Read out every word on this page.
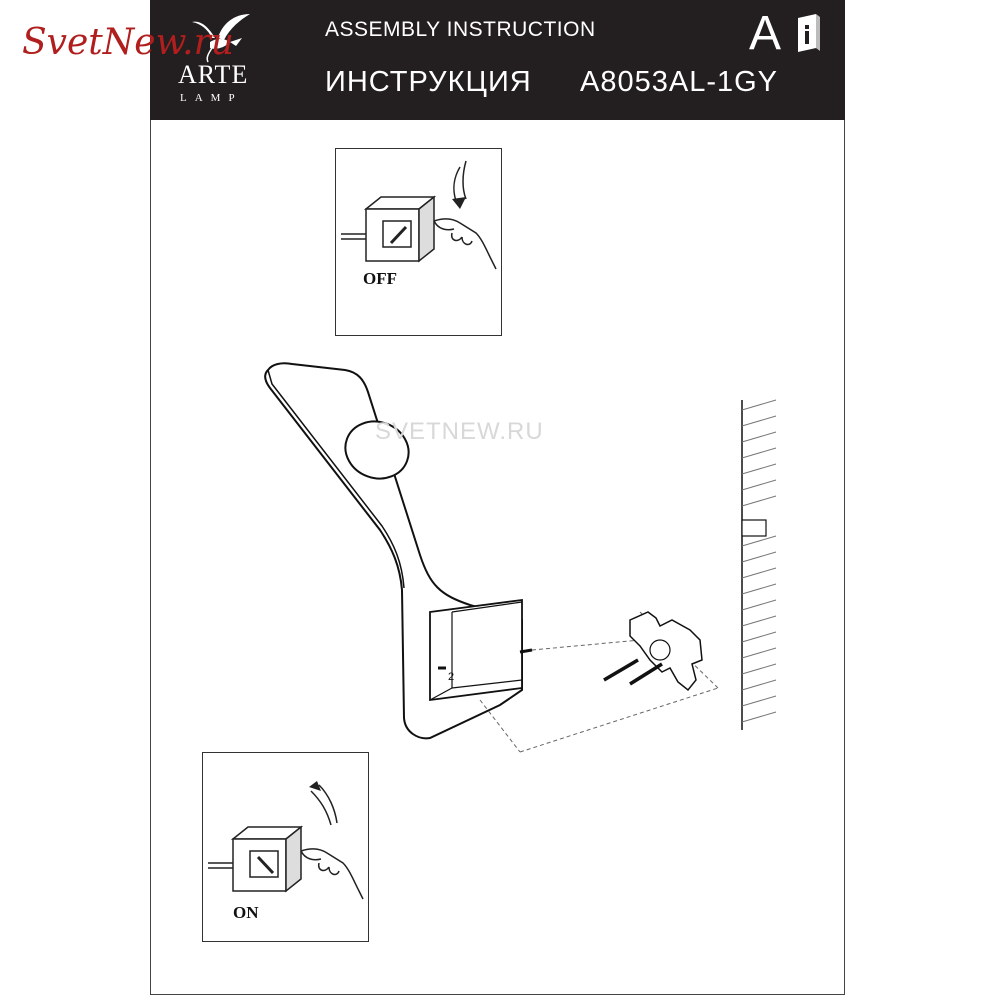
ARTE
LAMP
ASSEMBLY INSTRUCTION
ИНСТРУКЦИЯ A8053AL-1GY
A
SvetNew.ru
OFF
2
SVETNEW.RU
ON
